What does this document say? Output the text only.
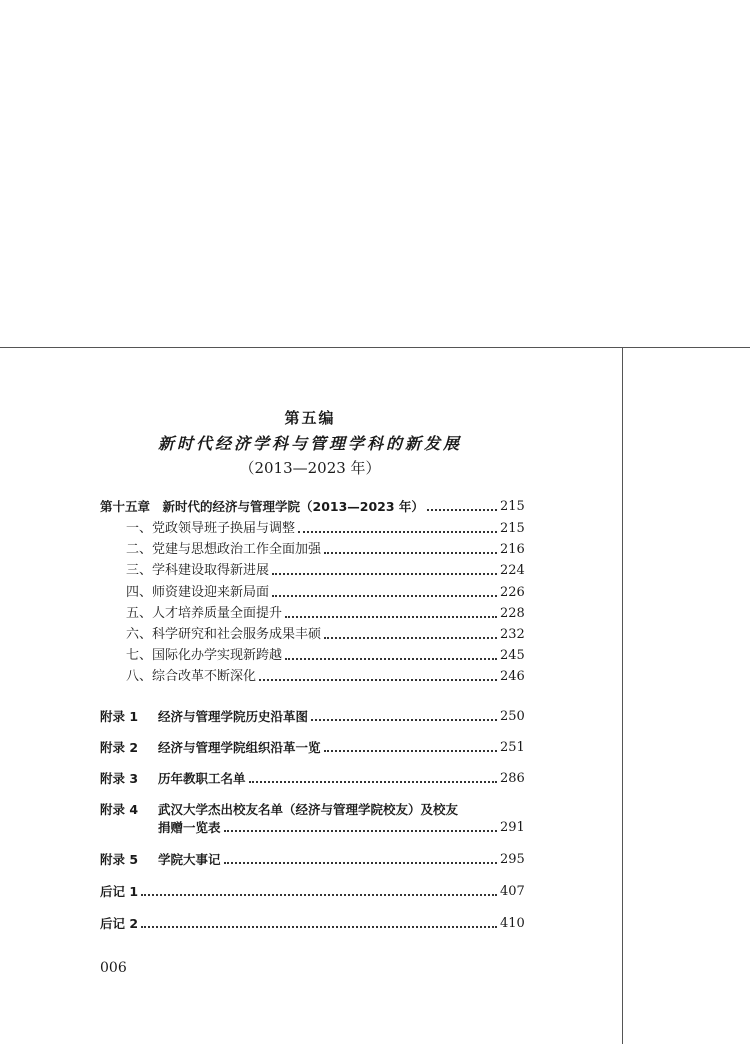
第五编
新时代经济学科与管理学科的新发展
（2013—2023 年）
第十五章　新时代的经济与管理学院（2013—2023 年）	215
一、党政领导班子换届与调整	215
二、党建与思想政治工作全面加强	216
三、学科建设取得新进展	224
四、师资建设迎来新局面	226
五、人才培养质量全面提升	228
六、科学研究和社会服务成果丰硕	232
七、国际化办学实现新跨越	245
八、综合改革不断深化	246
附录 1	经济与管理学院历史沿革图	250
附录 2	经济与管理学院组织沿革一览	251
附录 3	历年教职工名单	286
附录 4	武汉大学杰出校友名单（经济与管理学院校友）及校友
捐赠一览表	291
附录 5	学院大事记	295
后记 1	407
后记 2	410
006
